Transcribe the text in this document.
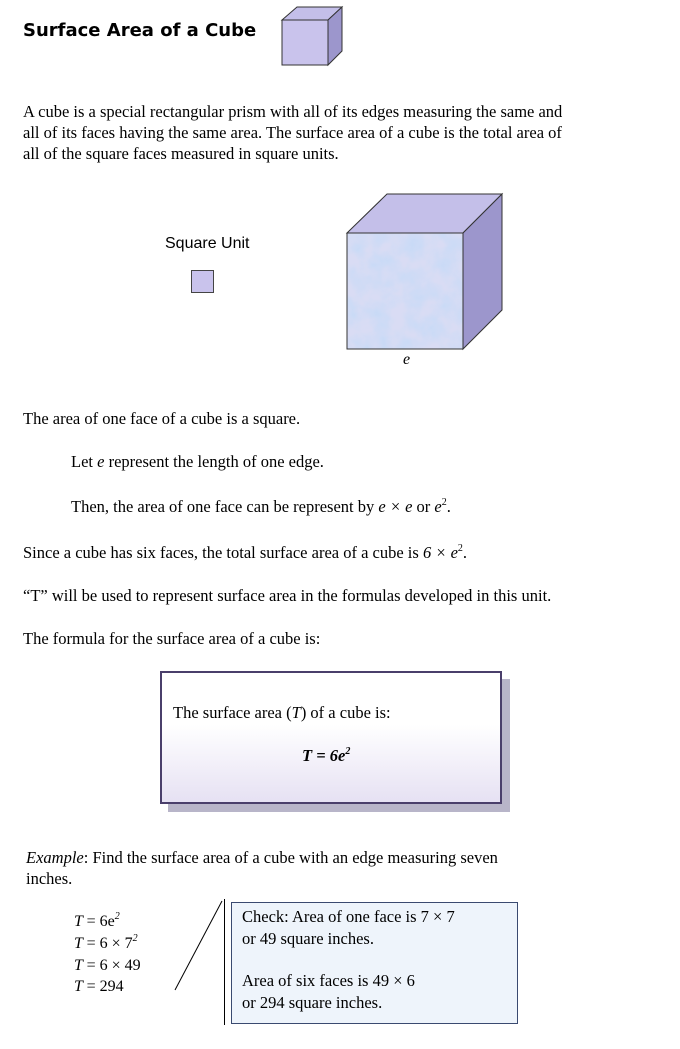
Surface Area of a Cube
A cube is a special rectangular prism with all of its edges measuring the same and
all of its faces having the same area. The surface area of a cube is the total area of
all of the square faces measured in square units.
Square Unit
e
The area of one face of a cube is a square.
Let e represent the length of one edge.
Then, the area of one face can be represent by e × e or $e^2$.
Since a cube has six faces, the total surface area of a cube is $6 \times e^2$.
“T” will be used to represent surface area in the formulas developed in this unit.
The formula for the surface area of a cube is:
The surface area (T) of a cube is:
$T = 6e^2$
Example: Find the surface area of a cube with an edge measuring seven
inches.
$T = 6e^2$
$T = 6 \times 7^2$
T = 6 × 49
T = 294
Check: Area of one face is 7 × 7
or 49 square inches.
Area of six faces is 49 × 6
or 294 square inches.
